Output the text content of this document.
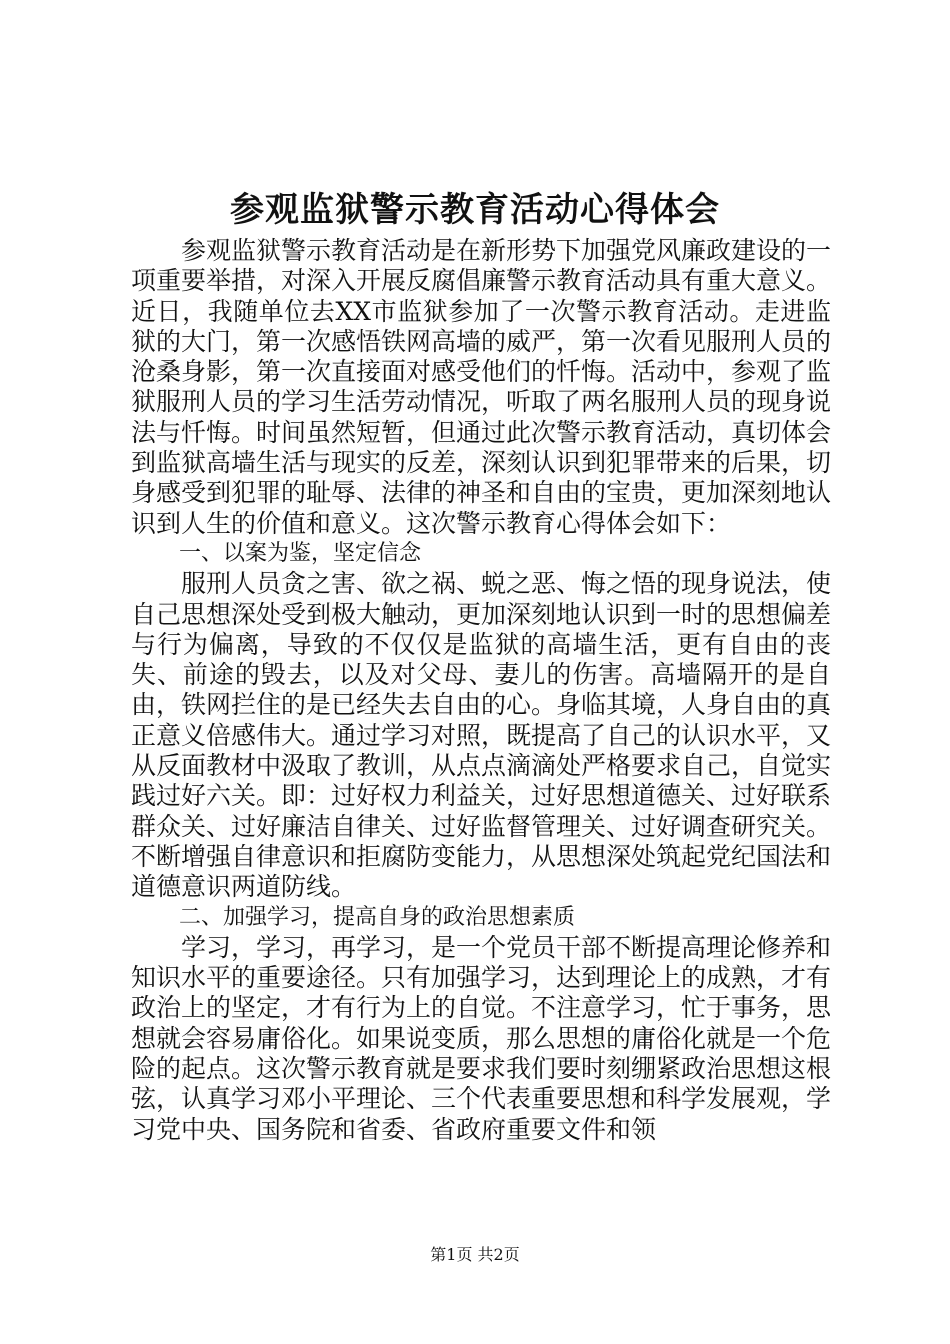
参观监狱警示教育活动心得体会

参观监狱警示教育活动是在新形势下加强党风廉政建设的一项重要举措，对深入开展反腐倡廉警示教育活动具有重大意义。近日，我随单位去XX市监狱参加了一次警示教育活动。走进监狱的大门，第一次感悟铁网高墙的威严，第一次看见服刑人员的沧桑身影，第一次直接面对感受他们的忏悔。活动中，参观了监狱服刑人员的学习生活劳动情况，听取了两名服刑人员的现身说法与忏悔。时间虽然短暂，但通过此次警示教育活动，真切体会到监狱高墙生活与现实的反差，深刻认识到犯罪带来的后果，切身感受到犯罪的耻辱、法律的神圣和自由的宝贵，更加深刻地认识到人生的价值和意义。这次警示教育心得体会如下：

一、以案为鉴，坚定信念

服刑人员贪之害、欲之祸、蜕之恶、悔之悟的现身说法，使自己思想深处受到极大触动，更加深刻地认识到一时的思想偏差与行为偏离，导致的不仅仅是监狱的高墙生活，更有自由的丧失、前途的毁去，以及对父母、妻儿的伤害。高墙隔开的是自由，铁网拦住的是已经失去自由的心。身临其境，人身自由的真正意义倍感伟大。通过学习对照，既提高了自己的认识水平，又从反面教材中汲取了教训，从点点滴滴处严格要求自己，自觉实践过好六关。即：过好权力利益关，过好思想道德关、过好联系群众关、过好廉洁自律关、过好监督管理关、过好调查研究关。不断增强自律意识和拒腐防变能力，从思想深处筑起党纪国法和道德意识两道防线。

二、加强学习，提高自身的政治思想素质

学习，学习，再学习，是一个党员干部不断提高理论修养和知识水平的重要途径。只有加强学习，达到理论上的成熟，才有政治上的坚定，才有行为上的自觉。不注意学习，忙于事务，思想就会容易庸俗化。如果说变质，那么思想的庸俗化就是一个危险的起点。这次警示教育就是要求我们要时刻绷紧政治思想这根弦，认真学习邓小平理论、三个代表重要思想和科学发展观，学习党中央、国务院和省委、省政府重要文件和领

第1页 共2页
